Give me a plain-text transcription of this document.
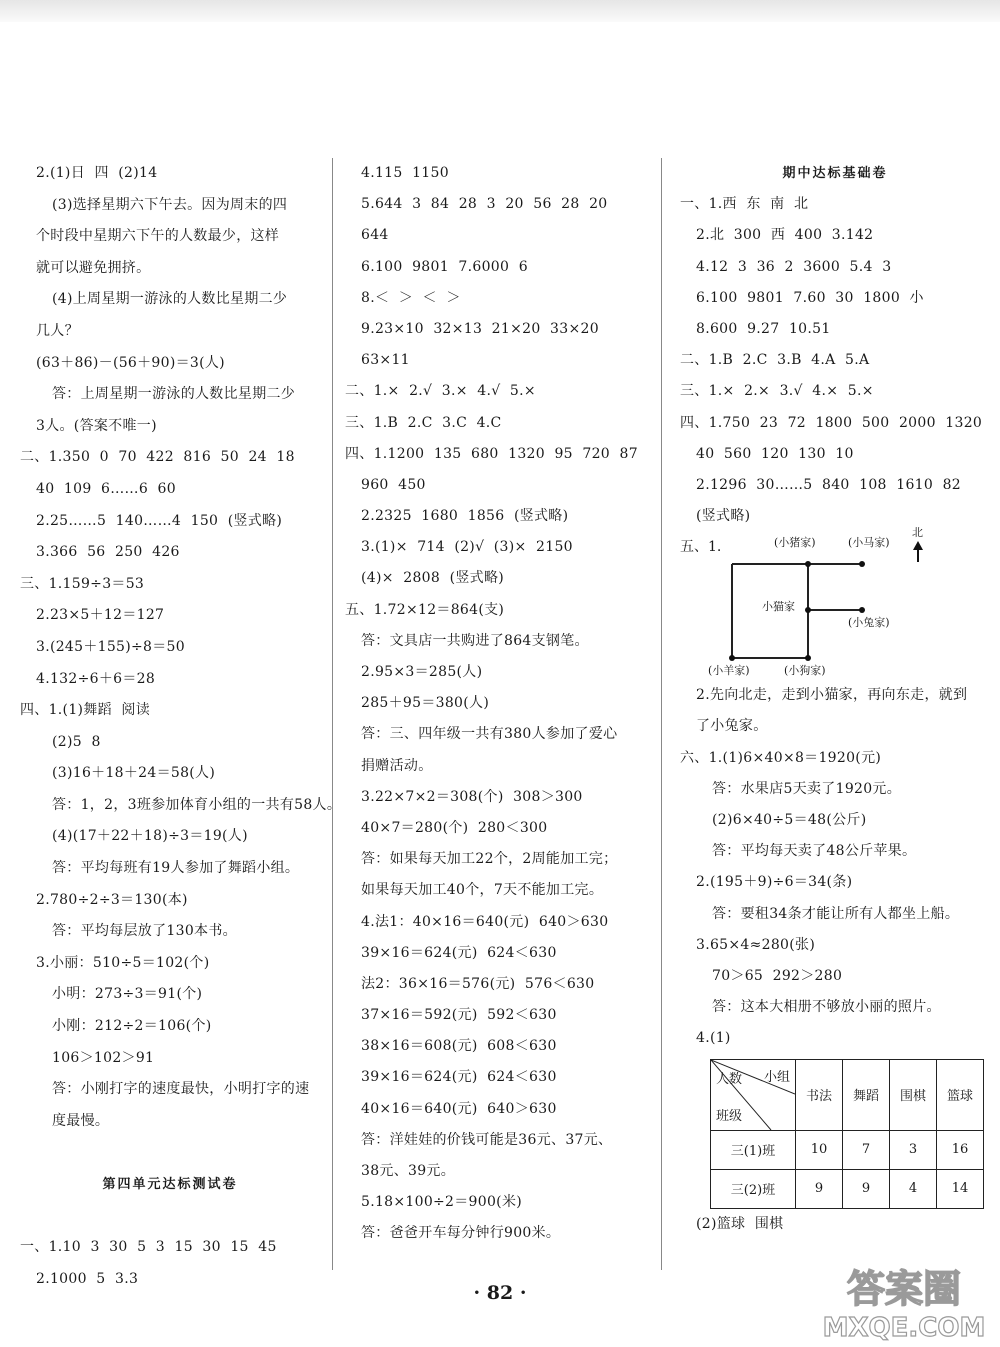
2.(1)日  四  (2)14
(3)选择星期六下午去。因为周末的四
个时段中星期六下午的人数最少，这样
就可以避免拥挤。
(4)上周星期一游泳的人数比星期二少
几人？
(63＋86)－(56＋90)＝3(人)
答：上周星期一游泳的人数比星期二少
3人。(答案不唯一)
二、1.350  0  70  422  816  50  24  18
40  109  6……6  60
2.25……5  140……4  150  (竖式略)
3.366  56  250  426
三、1.159÷3＝53
2.23×5＋12＝127
3.(245＋155)÷8＝50
4.132÷6＋6＝28
四、1.(1)舞蹈  阅读
(2)5  8
(3)16＋18＋24＝58(人)
答：1，2，3班参加体育小组的一共有58人。
(4)(17＋22＋18)÷3＝19(人)
答：平均每班有19人参加了舞蹈小组。
2.780÷2÷3＝130(本)
答：平均每层放了130本书。
3.小丽：510÷5＝102(个)
小明：273÷3＝91(个)
小刚：212÷2＝106(个)
106＞102＞91
答：小刚打字的速度最快，小明打字的速
度最慢。
第四单元达标测试卷
一、1.10  3  30  5  3  15  30  15  45
2.1000  5  3.3
4.115  1150
5.644  3  84  28  3  20  56  28  20
644
6.100  9801  7.6000  6
8.＜  ＞  ＜  ＞
9.23×10  32×13  21×20  33×20
63×11
二、1.×  2.√  3.×  4.√  5.×
三、1.B  2.C  3.C  4.C
四、1.1200  135  680  1320  95  720  87
960  450
2.2325  1680  1856  (竖式略)
3.(1)×  714  (2)√  (3)×  2150
(4)×  2808  (竖式略)
五、1.72×12＝864(支)
答：文具店一共购进了864支钢笔。
2.95×3＝285(人)
285＋95＝380(人)
答：三、四年级一共有380人参加了爱心
捐赠活动。
3.22×7×2＝308(个)  308＞300
40×7＝280(个)  280＜300
答：如果每天加工22个，2周能加工完；
如果每天加工40个，7天不能加工完。
4.法1：40×16＝640(元)  640＞630
39×16＝624(元)  624＜630
法2：36×16＝576(元)  576＜630
37×16＝592(元)  592＜630
38×16＝608(元)  608＜630
39×16＝624(元)  624＜630
40×16＝640(元)  640＞630
答：洋娃娃的价钱可能是36元、37元、
38元、39元。
5.18×100÷2＝900(米)
答：爸爸开车每分钟行900米。
期中达标基础卷
一、1.西  东  南  北
2.北  300  西  400  3.142
4.12  3  36  2  3600  5.4  3
6.100  9801  7.60  30  1800  小
8.600  9.27  10.51
二、1.B  2.C  3.B  4.A  5.A
三、1.×  2.×  3.√  4.×  5.×
四、1.750  23  72  1800  500  2000  1320
40  560  120  130  10
2.1296  30……5  840  108  1610  82
(竖式略)
五、1.	(小猪家)	(小马家)
北
小猫家
(小兔家)
(小羊家)	(小狗家)
2.先向北走，走到小猫家，再向东走，就到
了小兔家。
六、1.(1)6×40×8＝1920(元)
答：水果店5天卖了1920元。
(2)6×40÷5＝48(公斤)
答：平均每天卖了48公斤苹果。
2.(195＋9)÷6＝34(条)
答：要租34条才能让所有人都坐上船。
3.65×4≈280(张)
70＞65  292＞280
答：这本大相册不够放小丽的照片。
4.(1)
小组
人数
班级	书法	舞蹈	围棋	篮球
三(1)班	10	7	3	16
三(2)班	9	9	4	14
(2)篮球  围棋
· 82 ·	答案圈
MXQE.COM
